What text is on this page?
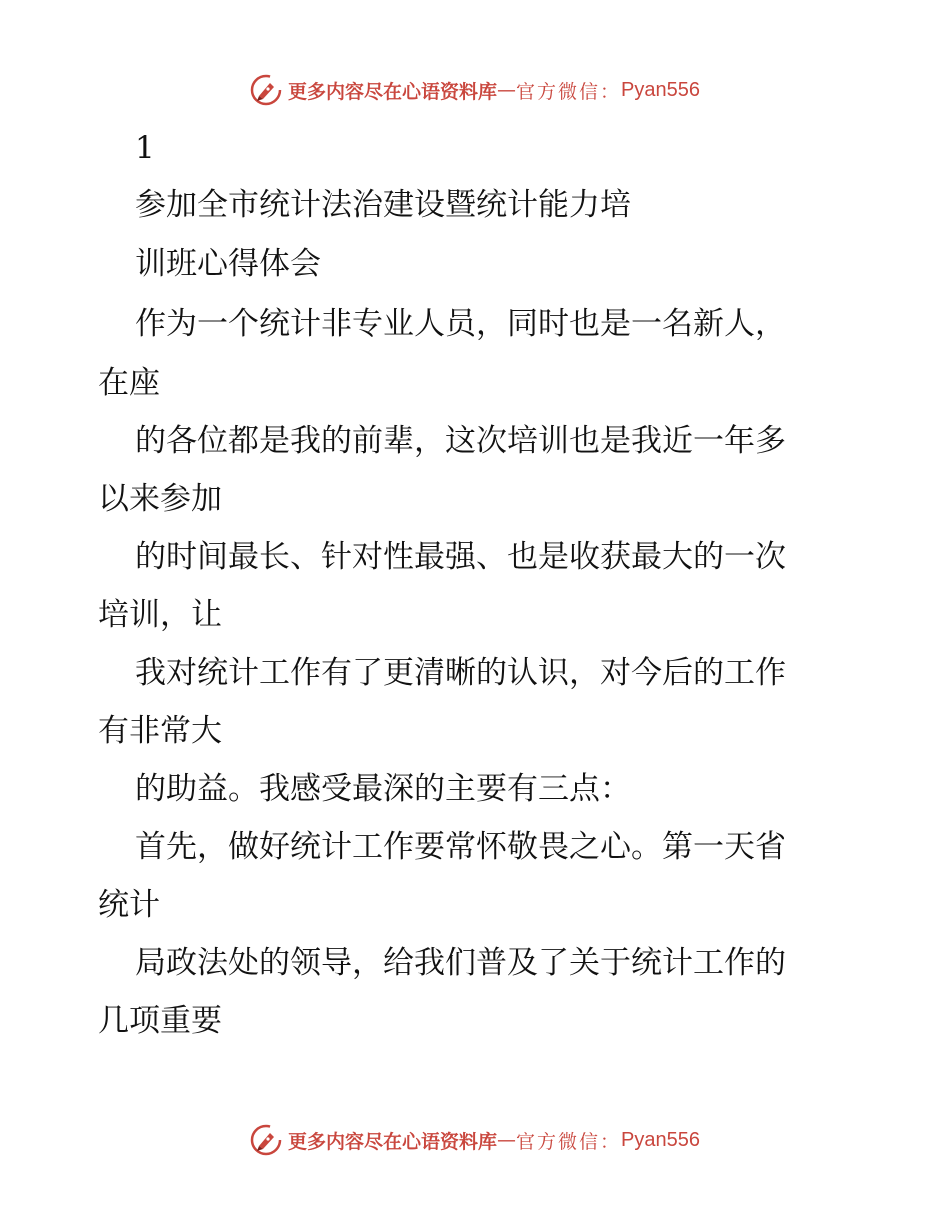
更多内容尽在心语资料库 — 官方微信： Pyan556
1
参加全市统计法治建设暨统计能力培
训班心得体会
作为一个统计非专业人员，同时也是一名新人，
在座
的各位都是我的前辈，这次培训也是我近一年多
以来参加
的时间最长、针对性最强、也是收获最大的一次
培训，让
我对统计工作有了更清晰的认识，对今后的工作
有非常大
的助益。我感受最深的主要有三点：
首先，做好统计工作要常怀敬畏之心。第一天省
统计
局政法处的领导，给我们普及了关于统计工作的
几项重要
更多内容尽在心语资料库 — 官方微信： Pyan556
